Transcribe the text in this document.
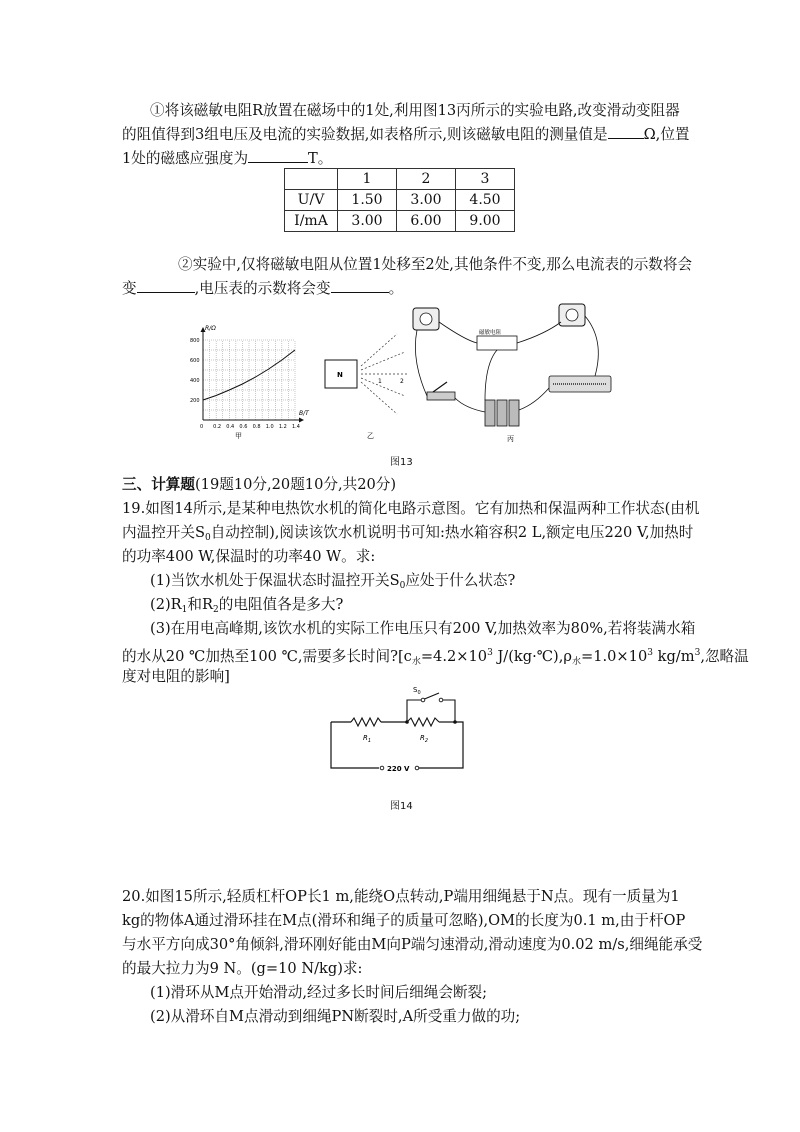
①将该磁敏电阻R放置在磁场中的1处,利用图13丙所示的实验电路,改变滑动变阻器
的阻值得到3组电压及电流的实验数据,如表格所示,则该磁敏电阻的测量值是 Ω,位置
1处的磁感应强度为	T。
	1	2	3
U/V	1.50	3.00	4.50
I/mA	3.00	6.00	9.00
②实验中,仅将磁敏电阻从位置1处移至2处,其他条件不变,那么电流表的示数将会
变	,电压表的示数将会变	。
R/Ω
B/T
800
600
400
200
0 0.2 0.4 0.6 0.8 1.0 1.2 1.4
甲
N
1	2
乙
磁敏电阻
丙
图13
三、计算题(19题10分,20题10分,共20分)
19.如图14所示,是某种电热饮水机的简化电路示意图。它有加热和保温两种工作状态(由机
内温控开关$S_0$自动控制),阅读该饮水机说明书可知:热水箱容积2 L,额定电压220 V,加热时
的功率400 W,保温时的功率40 W。求:
(1)当饮水机处于保温状态时温控开关$S_0$应处于什么状态?
$(2)R_1$和$R_2$的电阻值各是多大?
(3)在用电高峰期,该饮水机的实际工作电压只有200 V,加热效率为80%,若将装满水箱
的水从20 ℃加热至100 ℃,需要多长时间$?[c_水=4.2\times 10^3$ $J/(kg\cdot℃),\rho_水=1.0\times 10^3$ $kg/m^3$,忽略温
度对电阻的影响]
$S_0$
$R_1$	$R_2$
220 V
图14
20.如图15所示,轻质杠杆OP长1 m,能绕O点转动,P端用细绳悬于N点。现有一质量为1
kg的物体A通过滑环挂在M点(滑环和绳子的质量可忽略),OM的长度为0.1 m,由于杆OP
与水平方向成30°角倾斜,滑环刚好能由M向P端匀速滑动,滑动速度为0.02 m/s,细绳能承受
的最大拉力为9 N。(g=10 N/kg)求:
(1)滑环从M点开始滑动,经过多长时间后细绳会断裂;
(2)从滑环自M点滑动到细绳PN断裂时,A所受重力做的功;
